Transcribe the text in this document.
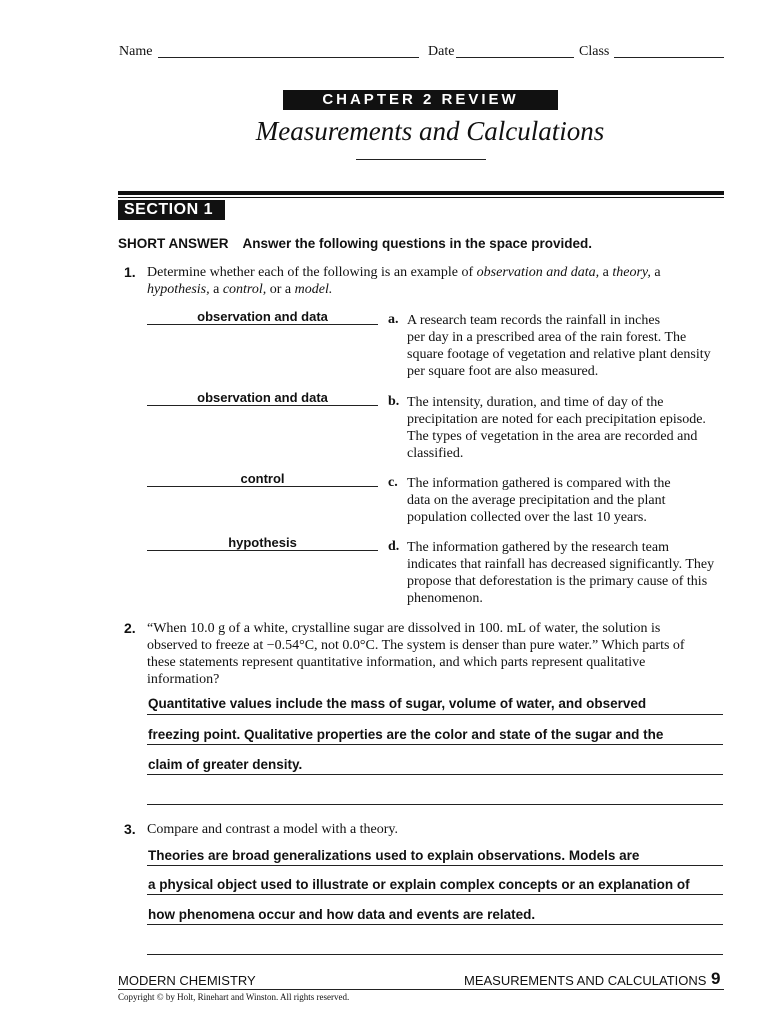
Name	Date	Class
CHAPTER 2 REVIEW
Measurements and Calculations
SECTION 1
SHORT ANSWER Answer the following questions in the space provided.
1. Determine whether each of the following is an example of observation and data, a theory, a
hypothesis, a control, or a model.
observation and data	a. A research team records the rainfall in inches
per day in a prescribed area of the rain forest. The
square footage of vegetation and relative plant density
per square foot are also measured.
observation and data	b. The intensity, duration, and time of day of the
precipitation are noted for each precipitation episode.
The types of vegetation in the area are recorded and
classified.
control	c. The information gathered is compared with the
data on the average precipitation and the plant
population collected over the last 10 years.
hypothesis	d. The information gathered by the research team
indicates that rainfall has decreased significantly. They
propose that deforestation is the primary cause of this
phenomenon.
2. “When 10.0 g of a white, crystalline sugar are dissolved in 100. mL of water, the solution is
observed to freeze at −0.54°C, not 0.0°C. The system is denser than pure water.” Which parts of
these statements represent quantitative information, and which parts represent qualitative
information?
Quantitative values include the mass of sugar, volume of water, and observed
freezing point. Qualitative properties are the color and state of the sugar and the
claim of greater density.
3. Compare and contrast a model with a theory.
Theories are broad generalizations used to explain observations. Models are
a physical object used to illustrate or explain complex concepts or an explanation of
how phenomena occur and how data and events are related.
MODERN CHEMISTRY	MEASUREMENTS AND CALCULATIONS 9
Copyright © by Holt, Rinehart and Winston. All rights reserved.
